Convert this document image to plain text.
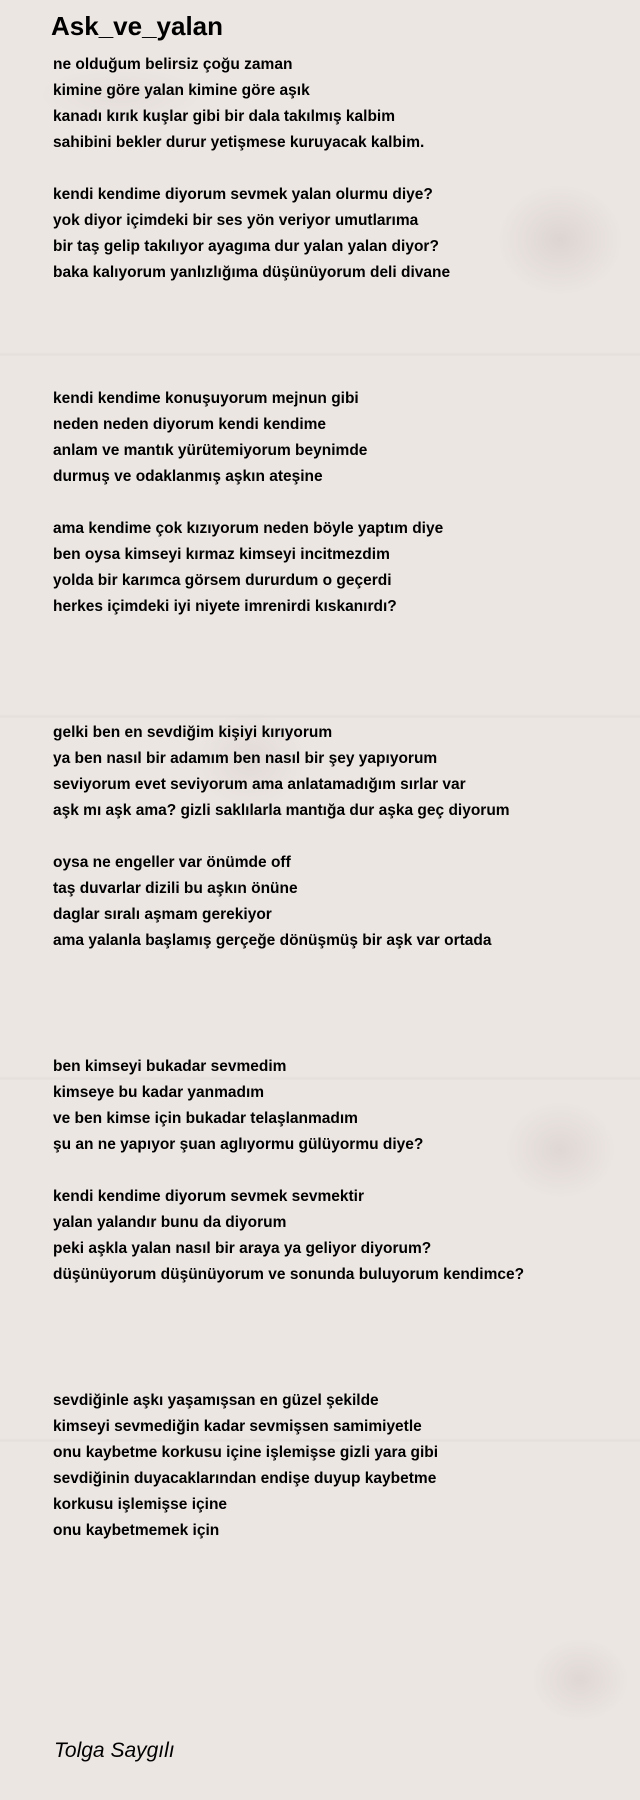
Ask_ve_yalan
ne olduğum belirsiz çoğu zaman
kimine göre yalan kimine göre aşık
kanadı kırık kuşlar gibi bir dala takılmış kalbim
sahibini bekler durur yetişmese kuruyacak kalbim.
kendi kendime diyorum sevmek yalan olurmu diye?
yok diyor içimdeki bir ses yön veriyor umutlarıma
bir taş gelip takılıyor ayagıma dur yalan yalan diyor?
baka kalıyorum yanlızlığıma düşünüyorum deli divane
kendi kendime konuşuyorum mejnun gibi
neden neden diyorum kendi kendime
anlam ve mantık yürütemiyorum beynimde
durmuş ve odaklanmış aşkın ateşine
ama kendime çok kızıyorum neden böyle yaptım diye
ben oysa kimseyi kırmaz kimseyi incitmezdim
yolda bir karımca görsem dururdum o geçerdi
herkes içimdeki iyi niyete imrenirdi kıskanırdı?
gelki ben en sevdiğim kişiyi kırıyorum
ya ben nasıl bir adamım ben nasıl bir şey yapıyorum
seviyorum evet seviyorum ama anlatamadığım sırlar var
aşk mı aşk ama? gizli saklılarla mantığa dur aşka geç diyorum
oysa ne engeller var önümde off
taş duvarlar dizili bu aşkın önüne
daglar sıralı aşmam gerekiyor
ama yalanla başlamış gerçeğe dönüşmüş bir aşk var ortada
ben kimseyi bukadar sevmedim
kimseye bu kadar yanmadım
ve ben kimse için bukadar telaşlanmadım
şu an ne yapıyor şuan aglıyormu gülüyormu diye?
kendi kendime diyorum sevmek sevmektir
yalan yalandır bunu da diyorum
peki aşkla yalan nasıl bir araya ya geliyor diyorum?
düşünüyorum düşünüyorum ve sonunda buluyorum kendimce?
sevdiğinle aşkı yaşamışsan en güzel şekilde
kimseyi sevmediğin kadar sevmişsen samimiyetle
onu kaybetme korkusu içine işlemişse gizli yara gibi
sevdiğinin duyacaklarından endişe duyup kaybetme
korkusu işlemişse içine
onu kaybetmemek için
Tolga Saygılı
